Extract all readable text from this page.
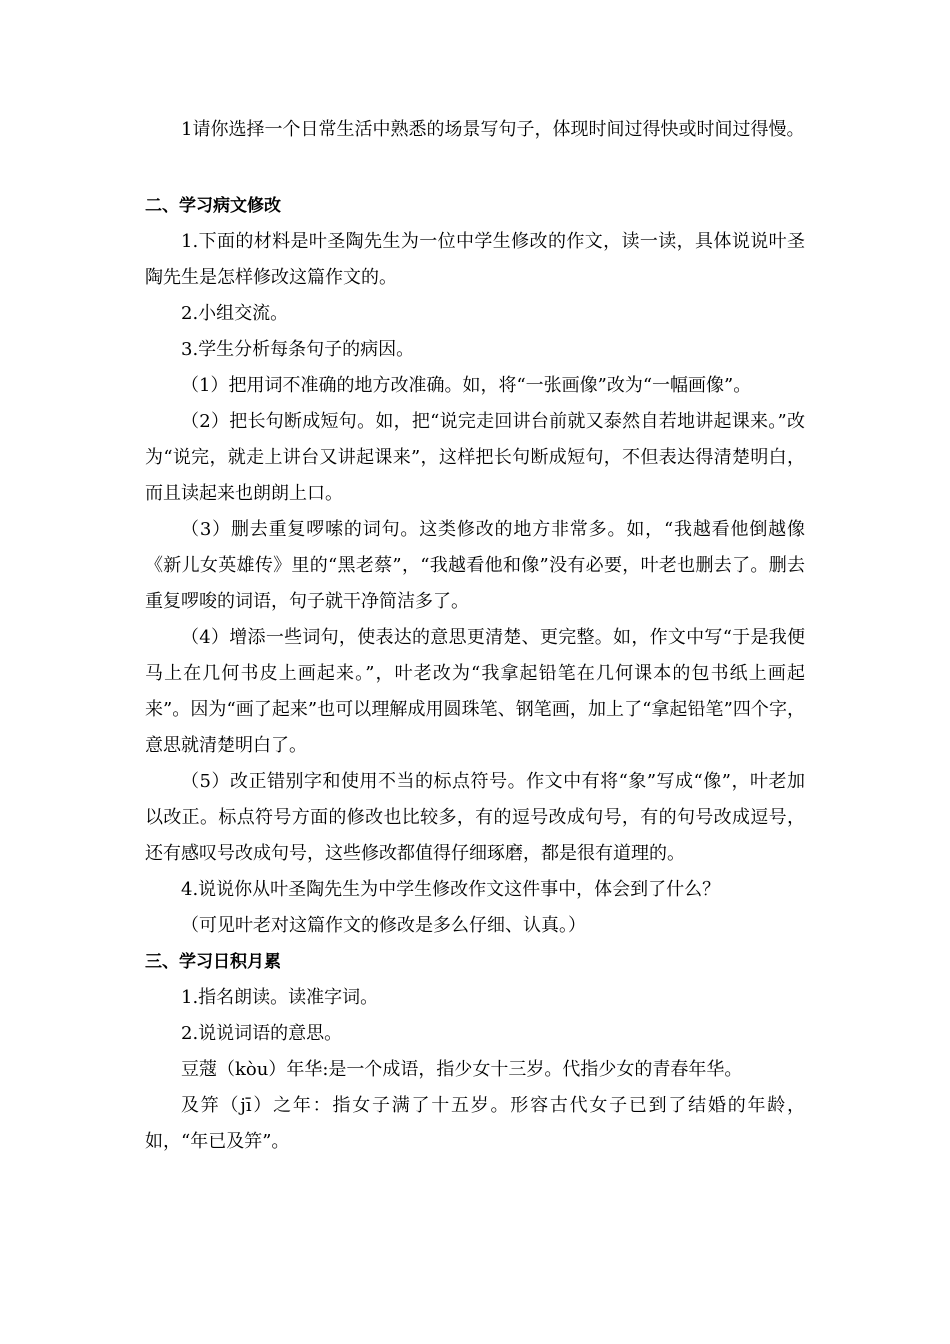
1请你选择一个日常生活中熟悉的场景写句子，体现时间过得快或时间过得慢。

二、学习病文修改

1.下面的材料是叶圣陶先生为一位中学生修改的作文，读一读，具体说说叶圣陶先生是怎样修改这篇作文的。

2.小组交流。

3.学生分析每条句子的病因。

（1）把用词不准确的地方改准确。如，将“一张画像”改为“一幅画像”。

（2）把长句断成短句。如，把“说完走回讲台前就又泰然自若地讲起课来。”改为“说完，就走上讲台又讲起课来”，这样把长句断成短句，不但表达得清楚明白，而且读起来也朗朗上口。

（3）删去重复啰嗦的词句。这类修改的地方非常多。如，“我越看他倒越像《新儿女英雄传》里的“黑老蔡”，“我越看他和像”没有必要，叶老也删去了。删去重复啰唆的词语，句子就干净简洁多了。

（4）增添一些词句，使表达的意思更清楚、更完整。如，作文中写“于是我便马上在几何书皮上画起来。”，叶老改为“我拿起铅笔在几何课本的包书纸上画起来”。因为“画了起来”也可以理解成用圆珠笔、钢笔画，加上了“拿起铅笔”四个字，意思就清楚明白了。

（5）改正错别字和使用不当的标点符号。作文中有将“象”写成“像”，叶老加以改正。标点符号方面的修改也比较多，有的逗号改成句号，有的句号改成逗号，还有感叹号改成句号，这些修改都值得仔细琢磨，都是很有道理的。

4.说说你从叶圣陶先生为中学生修改作文这件事中，体会到了什么？

（可见叶老对这篇作文的修改是多么仔细、认真。）

三、学习日积月累

1.指名朗读。读准字词。

2.说说词语的意思。

豆蔻（kòu）年华:是一个成语，指少女十三岁。代指少女的青春年华。

及笄（jī）之年：指女子满了十五岁。形容古代女子已到了结婚的年龄，如，“年已及笄”。
